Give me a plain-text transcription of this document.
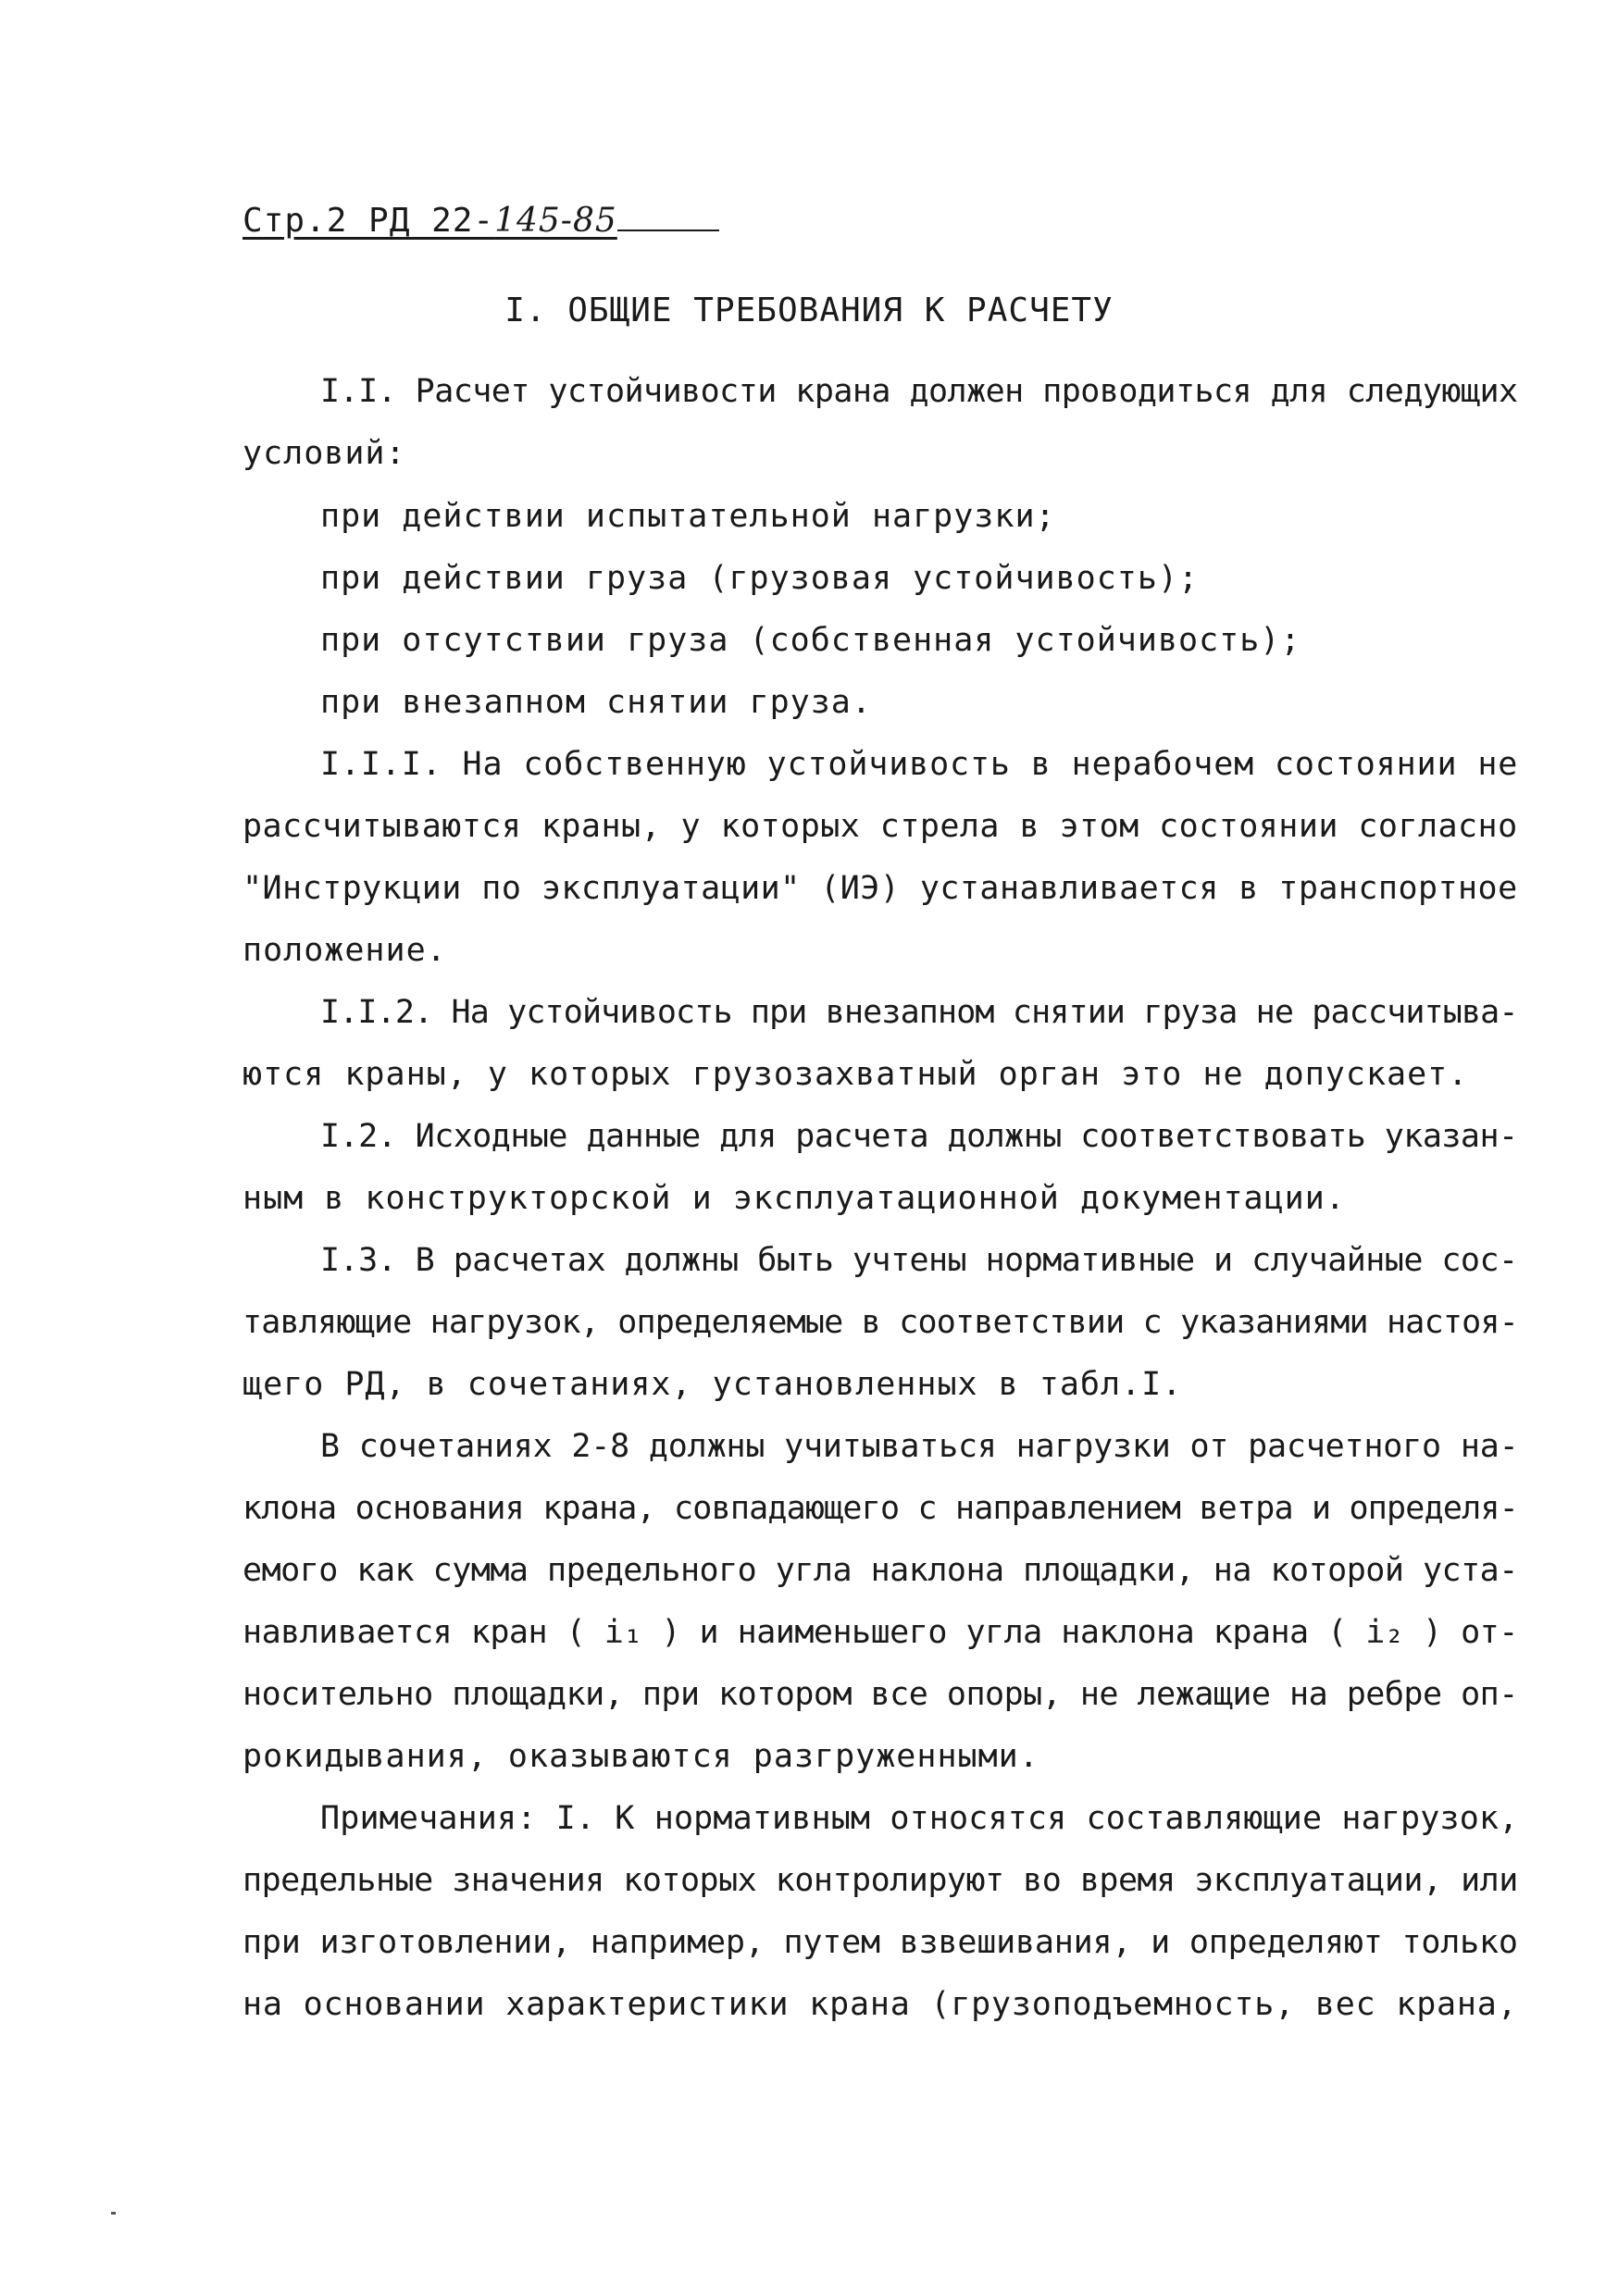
Стр.2 РД 22-145-85
I. ОБЩИЕ ТРЕБОВАНИЯ К РАСЧЕТУ
I.I. Расчет устойчивости крана должен проводиться для следующих
условий:
при действии испытательной нагрузки;
при действии груза (грузовая устойчивость);
при отсутствии груза (собственная устойчивость);
при внезапном снятии груза.
I.I.I. На собственную устойчивость в нерабочем состоянии не
рассчитываются краны, у которых стрела в этом состоянии согласно
"Инструкции по эксплуатации" (ИЭ) устанавливается в транспортное
положение.
I.I.2. На устойчивость при внезапном снятии груза не рассчитыва-
ются краны, у которых грузозахватный орган это не допускает.
I.2. Исходные данные для расчета должны соответствовать указан-
ным в конструкторской и эксплуатационной документации.
I.3. В расчетах должны быть учтены нормативные и случайные сос-
тавляющие нагрузок, определяемые в соответствии с указаниями настоя-
щего РД, в сочетаниях, установленных в табл.I.
В сочетаниях 2-8 должны учитываться нагрузки от расчетного на-
клона основания крана, совпадающего с направлением ветра и определя-
емого как сумма предельного угла наклона площадки, на которой уста-
навливается кран ( i₁ ) и наименьшего угла наклона крана ( i₂ ) от-
носительно площадки, при котором все опоры, не лежащие на ребре оп-
рокидывания, оказываются разгруженными.
Примечания: I. К нормативным относятся составляющие нагрузок,
предельные значения которых контролируют во время эксплуатации, или
при изготовлении, например, путем взвешивания, и определяют только
на основании характеристики крана (грузоподъемность, вес крана,
